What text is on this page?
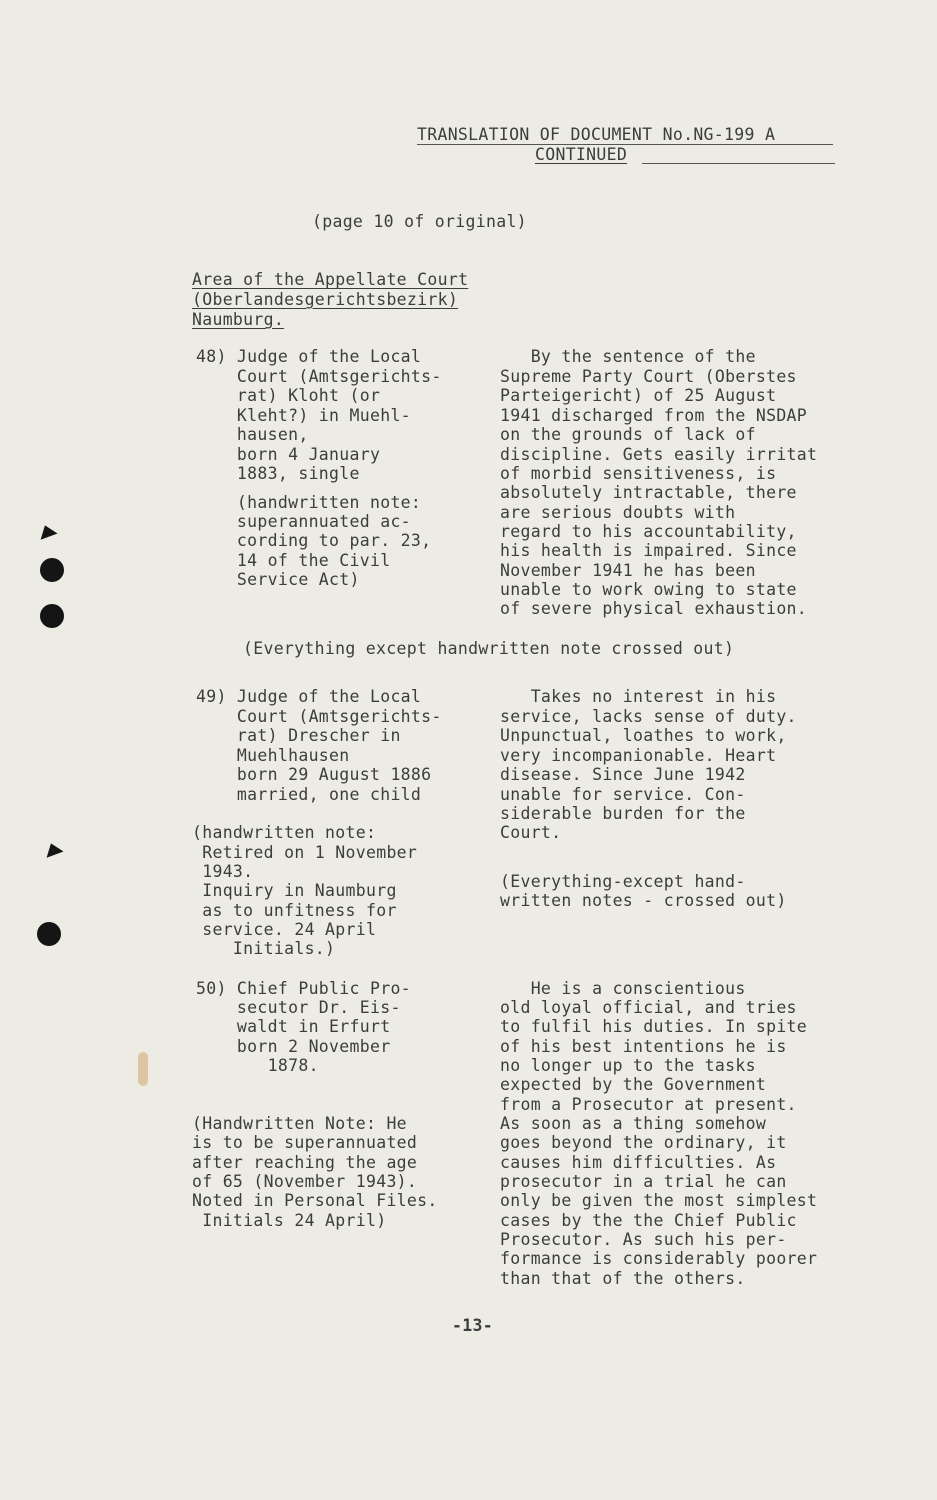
TRANSLATION OF DOCUMENT No.NG-199 A
CONTINUED
(page 10 of original)
Area of the Appellate Court
(Oberlandesgerichtsbezirk)
Naumburg.
48) Judge of the Local
Court (Amtsgerichts-
rat) Kloht (or
Kleht?) in Muehl-
hausen,
born 4 January
1883, single
(handwritten note:
superannuated ac-
cording to par. 23,
14 of the Civil
Service Act)
By the sentence of the
Supreme Party Court (Oberstes
Parteigericht) of 25 August
1941 discharged from the NSDAP
on the grounds of lack of
discipline. Gets easily irritat
of morbid sensitiveness, is
absolutely intractable, there
are serious doubts with
regard to his accountability,
his health is impaired. Since
November 1941 he has been
unable to work owing to state
of severe physical exhaustion.
(Everything except handwritten note crossed out)
49) Judge of the Local
Court (Amtsgerichts-
rat) Drescher in
Muehlhausen
born 29 August 1886
married, one child
(handwritten note:
Retired on 1 November
1943.
Inquiry in Naumburg
as to unfitness for
service. 24 April
Initials.)
Takes no interest in his
service, lacks sense of duty.
Unpunctual, loathes to work,
very incompanionable. Heart
disease. Since June 1942
unable for service. Con-
siderable burden for the
Court.
(Everything-except hand-
written notes - crossed out)
50) Chief Public Pro-
secutor Dr. Eis-
waldt in Erfurt
born 2 November
1878.
(Handwritten Note: He
is to be superannuated
after reaching the age
of 65 (November 1943).
Noted in Personal Files.
Initials 24 April)
He is a conscientious
old loyal official, and tries
to fulfil his duties. In spite
of his best intentions he is
no longer up to the tasks
expected by the Government
from a Prosecutor at present.
As soon as a thing somehow
goes beyond the ordinary, it
causes him difficulties. As
prosecutor in a trial he can
only be given the most simplest
cases by the the Chief Public
Prosecutor. As such his per-
formance is considerably poorer
than that of the others.
-13-
